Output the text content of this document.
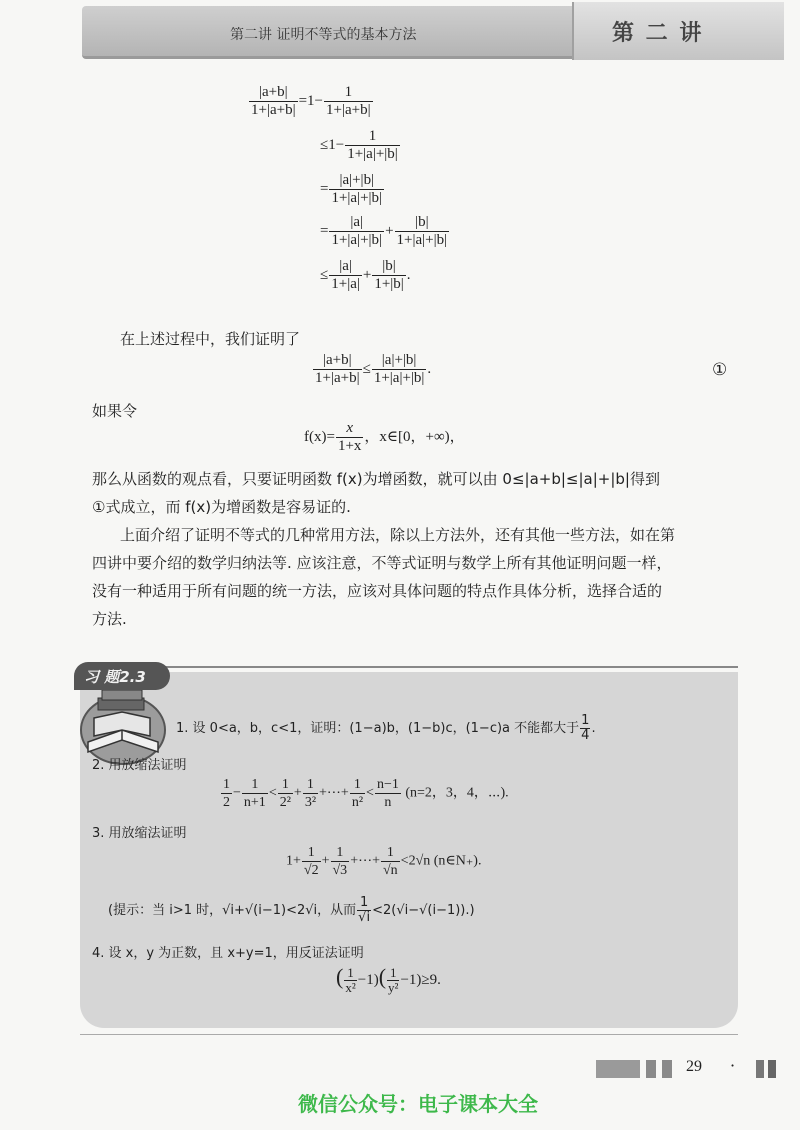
第二讲 证明不等式的基本方法	第 二 讲
$\frac{|a+b|}{1+|a+b|} =1- \frac{1}{1+|a+b|}$
$\le 1- \frac{1}{1+|a|+|b|}$
= $\frac{|a|+|b|}{1+|a|+|b|}$
= $\frac{|a|}{1+|a|+|b|} + \frac{|b|}{1+|a|+|b|}$
≤ $\frac{|a|}{1+|a|} + \frac{|b|}{1+|b|}$ .
在上述过程中，我们证明了
$\frac{|a+b|}{1+|a+b|} \le \frac{|a|+|b|}{1+|a|+|b|}$ .	①
如果令
$f(x)= \frac{x}{1+x}$ ，x∈[0，+∞)，
那么从函数的观点看，只要证明函数 f(x)为增函数，就可以由 0≤|a+b|≤|a|+|b|得到
①式成立，而 f(x)为增函数是容易证的.
上面介绍了证明不等式的几种常用方法，除以上方法外，还有其他一些方法，如在第
四讲中要介绍的数学归纳法等. 应该注意，不等式证明与数学上所有其他证明问题一样，
没有一种适用于所有问题的统一方法，应该对具体问题的特点作具体分析，选择合适的
方法.
习 题2.3
1. 设 0<a，b，c<1，证明：(1−a)b，(1−b)c，(1−c)a 不能都大于 $\frac{1}{4}$ .
2. 用放缩法证明
$\frac{1}{2} - \frac{1}{n+1} < \frac{1}{\text{2²}} + \frac{1}{\text{3²}}$ +⋯+ $\frac{1}{\text{n²}} < \frac{n-1}{n} (n=2$，3，4，⋯).
3. 用放缩法证明
$1+ \frac{1}{√2} + \frac{1}{√3}$ +⋯+ $\frac{1}{√n} <2√n$ (n∈N₊).
(提示：当 i>1 时，√i+√(i−1)<2√i，从而 $\frac{1}{√i} <2(√i-√(i-1))$.)
4. 设 x，y 为正数，且 x+y=1，用反证法证明
( $\frac{1}{\text{x²}} -1)( \frac{1}{\text{y²}} -1)\ge 9$.
29 ·
微信公众号：电子课本大全
